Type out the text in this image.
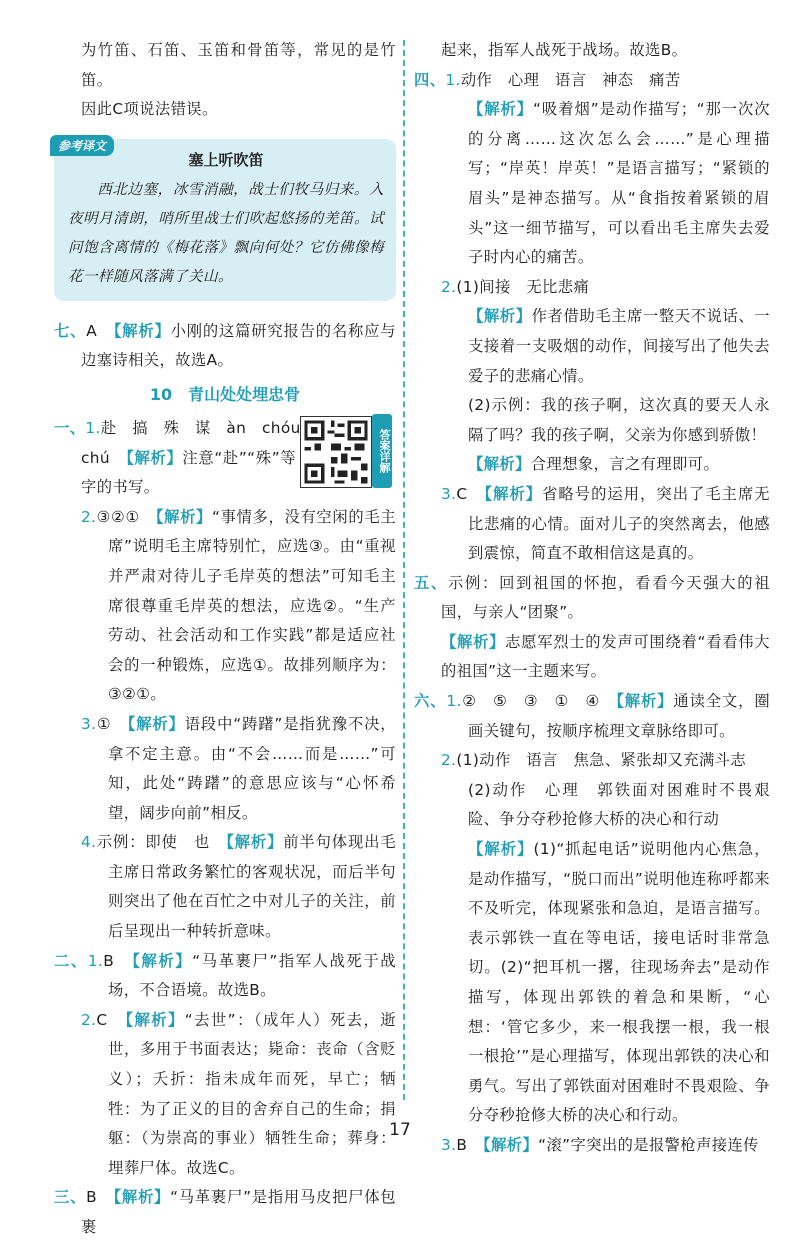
为竹笛、石笛、玉笛和骨笛等，常见的是竹笛。

因此C项说法错误。

参考译文
塞上听吹笛

西北边塞，冰雪消融，战士们牧马归来。入夜明月清朗，哨所里战士们吹起悠扬的羌笛。试问饱含离情的《梅花落》飘向何处？它仿佛像梅花一样随风落满了关山。

七、A　 【解析】小刚的这篇研究报告的名称应与边塞诗相关，故选A。

10　青山处处埋忠骨
答案详解

一、1.赴　搞　殊　谋　àn　chóu

chú　 【解析】注意“赴”“殊”等字的书写。

2.③②①　 【解析】“事情多，没有空闲的毛主席”说明毛主席特别忙，应选③。由“重视并严肃对待儿子毛岸英的想法”可知毛主席很尊重毛岸英的想法，应选②。“生产劳动、社会活动和工作实践”都是适应社会的一种锻炼，应选①。故排列顺序为：③②①。

3.①　 【解析】语段中“踌躇”是指犹豫不决，拿不定主意。由“不会……而是……”可知，此处“踌躇”的意思应该与“心怀希望，阔步向前”相反。

4.示例：即使　也　 【解析】前半句体现出毛主席日常政务繁忙的客观状况，而后半句则突出了他在百忙之中对儿子的关注，前后呈现出一种转折意味。

二、1.B　 【解析】“马革裹尸”指军人战死于战场，不合语境。故选B。

2.C　 【解析】“去世”：（成年人）死去，逝世，多用于书面表达；毙命：丧命（含贬义）；夭折：指未成年而死，早亡；牺牲：为了正义的目的舍弃自己的生命；捐躯：（为崇高的事业）牺牲生命；葬身：埋葬尸体。故选C。

三、B　 【解析】“马革裹尸”是指用马皮把尸体包裹

起来，指军人战死于战场。故选B。

四、1.动作　心理　语言　神态　痛苦

【解析】“吸着烟”是动作描写；“那一次次的分离……这次怎么会……”是心理描写；“岸英！岸英！”是语言描写；“紧锁的眉头”是神态描写。从“食指按着紧锁的眉头”这一细节描写，可以看出毛主席失去爱子时内心的痛苦。

2.(1)间接　无比悲痛

【解析】作者借助毛主席一整天不说话、一支接着一支吸烟的动作，间接写出了他失去爱子的悲痛心情。

(2)示例：我的孩子啊，这次真的要天人永隔了吗？我的孩子啊，父亲为你感到骄傲！

【解析】合理想象，言之有理即可。

3.C　 【解析】省略号的运用，突出了毛主席无比悲痛的心情。面对儿子的突然离去，他感到震惊，简直不敢相信这是真的。

五、示例：回到祖国的怀抱，看看今天强大的祖国，与亲人“团聚”。

【解析】志愿军烈士的发声可围绕着“看看伟大的祖国”这一主题来写。

六、1.②　⑤　③　①　④　 【解析】通读全文，圈画关键句，按顺序梳理文章脉络即可。

2.(1)动作　语言　焦急、紧张却又充满斗志

(2)动作　心理　郭铁面对困难时不畏艰险、争分夺秒抢修大桥的决心和行动

【解析】(1)“抓起电话”说明他内心焦急，是动作描写，“脱口而出”说明他连称呼都来不及听完，体现紧张和急迫，是语言描写。表示郭铁一直在等电话，接电话时非常急切。(2)“把耳机一撂，往现场奔去”是动作描写，体现出郭铁的着急和果断，“心想：‘管它多少，来一根我摆一根，我一根一根抢’”是心理描写，体现出郭铁的决心和勇气。写出了郭铁面对困难时不畏艰险、争分夺秒抢修大桥的决心和行动。

3.B　 【解析】“滚”字突出的是报警枪声接连传

17
